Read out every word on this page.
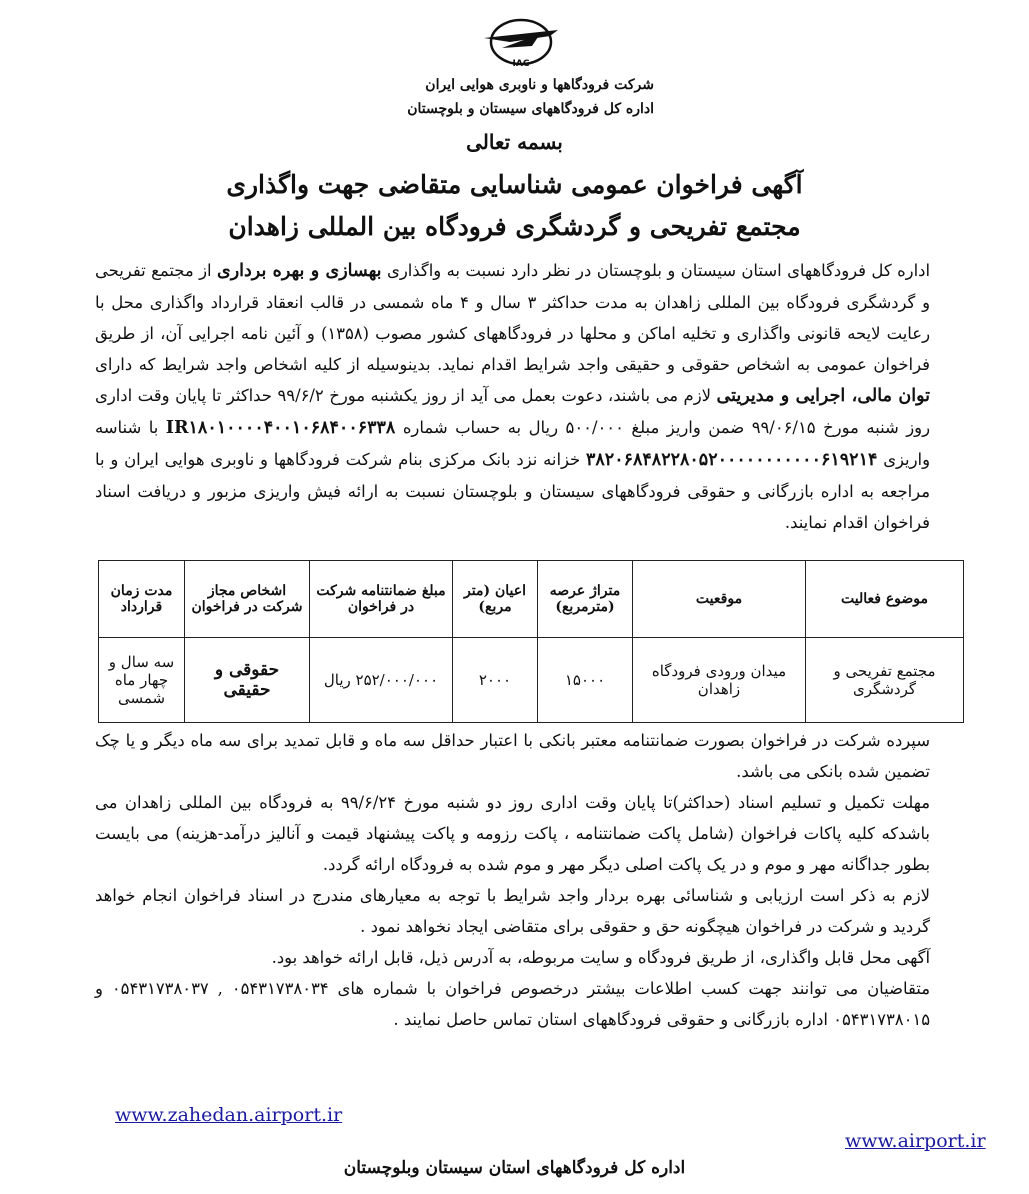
IAC
شرکت فرودگاهها و ناوبری هوایی ایران
اداره کل فرودگاههای سیستان و بلوچستان
بسمه تعالی
آگهی فراخوان عمومی شناسایی متقاضی جهت واگذاری
مجتمع تفریحی و گردشگری فرودگاه بین المللی زاهدان
اداره کل فرودگاههای استان سیستان و بلوچستان در نظر دارد نسبت به واگذاری بهسازی و بهره برداری از مجتمع تفریحی و گردشگری فرودگاه بین المللی زاهدان به مدت حداکثر ۳ سال و ۴ ماه شمسی در قالب انعقاد قرارداد واگذاری محل با رعایت لایحه قانونی واگذاری و تخلیه اماکن و محلها در فرودگاههای کشور مصوب (۱۳۵۸) و آئین نامه اجرایی آن، از طریق فراخوان عمومی به اشخاص حقوقی و حقیقی واجد شرایط اقدام نماید. بدینوسیله از کلیه اشخاص واجد شرایط که دارای توان مالی، اجرایی و مدیریتی لازم می باشند، دعوت بعمل می آید از روز یکشنبه مورخ ۹۹/۶/۲ حداکثر تا پایان وقت اداری روز شنبه مورخ ۹۹/۰۶/۱۵ ضمن واریز مبلغ ۵۰۰/۰۰۰ ریال به حساب شماره IR۱۸۰۱۰۰۰۰۴۰۰۱۰۶۸۴۰۰۶۳۳۸ با شناسه واریزی ۳۸۲۰۶۸۴۸۲۲۸۰۵۲۰۰۰۰۰۰۰۰۰۰۰۶۱۹۲۱۴ خزانه نزد بانک مرکزی بنام شرکت فرودگاهها و ناوبری هوایی ایران و با مراجعه به اداره بازرگانی و حقوقی فرودگاههای سیستان و بلوچستان نسبت به ارائه فیش واریزی مزبور و دریافت اسناد فراخوان اقدام نمایند.
موضوع فعالیت	موقعیت	متراژ عرصه (مترمربع)	اعیان (متر مربع)	مبلغ ضمانتنامه شرکت در فراخوان	اشخاص مجاز شرکت در فراخوان	مدت زمان قرارداد
مجتمع تفریحی و گردشگری	میدان ورودی فرودگاه زاهدان	۱۵۰۰۰	۲۰۰۰	۲۵۲/۰۰۰/۰۰۰ ریال	حقوقی و حقیقی	سه سال و چهار ماه شمسی
سپرده شرکت در فراخوان بصورت ضمانتنامه معتبر بانکی با اعتبار حداقل سه ماه و قابل تمدید برای سه ماه دیگر و یا چک تضمین شده بانکی می باشد.
مهلت تکمیل و تسلیم اسناد (حداکثر)تا پایان وقت اداری روز دو شنبه مورخ ۹۹/۶/۲۴ به فرودگاه بین المللی زاهدان می باشدکه کلیه پاکات فراخوان (شامل پاکت ضمانتنامه ، پاکت رزومه و پاکت پیشنهاد قیمت و آنالیز درآمد-هزینه) می بایست بطور جداگانه مهر و موم و در یک پاکت اصلی دیگر مهر و موم شده به فرودگاه ارائه گردد.
لازم به ذکر است ارزیابی و شناسائی بهره بردار واجد شرایط با توجه به معیارهای مندرج در اسناد فراخوان انجام خواهد گردید و شرکت در فراخوان هیچگونه حق و حقوقی برای متقاضی ایجاد نخواهد نمود .
آگهی محل قابل واگذاری، از طریق فرودگاه و سایت مربوطه، به آدرس ذیل، قابل ارائه خواهد بود.
متقاضیان می توانند جهت کسب اطلاعات بیشتر درخصوص فراخوان با شماره های ۰۵۴۳۱۷۳۸۰۳۴ , ۰۵۴۳۱۷۳۸۰۳۷ و ۰۵۴۳۱۷۳۸۰۱۵ اداره بازرگانی و حقوقی فرودگاههای استان تماس حاصل نمایند .
www.zahedan.airport.ir
www.airport.ir
اداره کل فرودگاههای استان سیستان وبلوچستان
